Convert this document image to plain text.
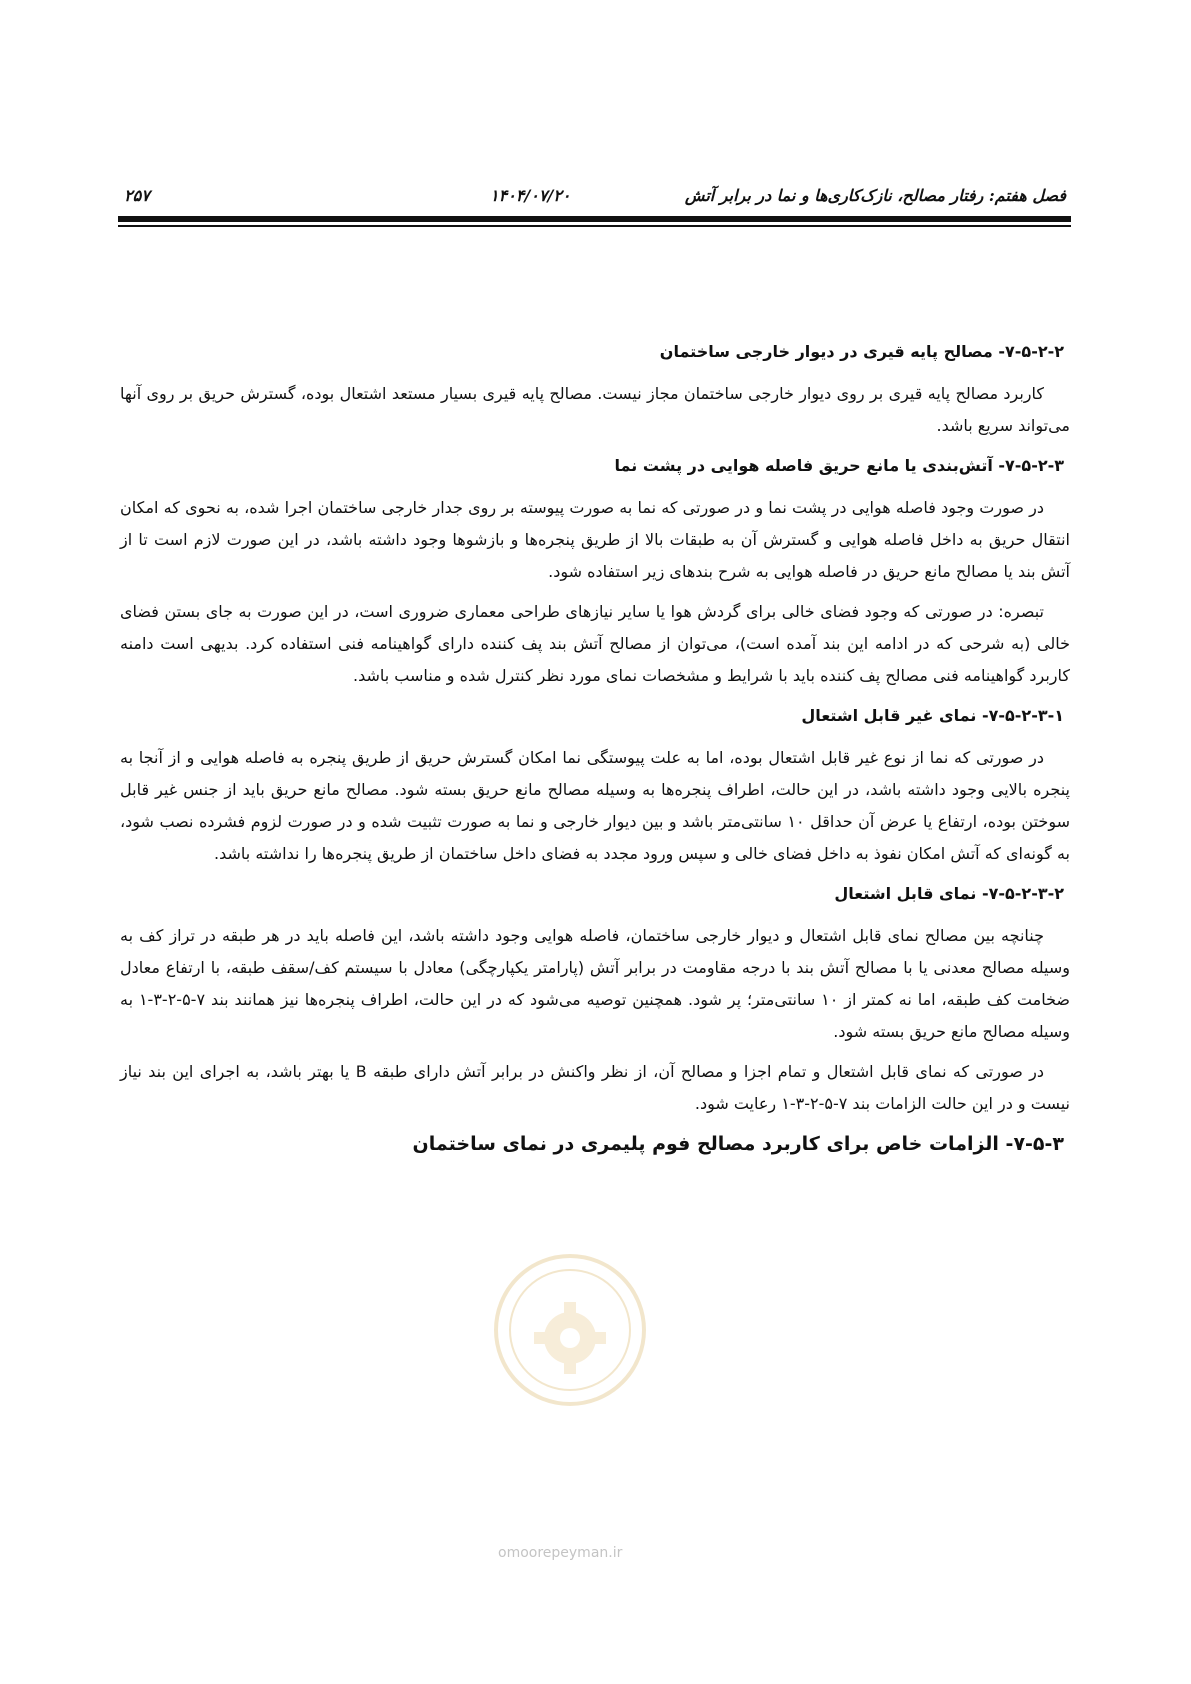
فصل هفتم: رفتار مصالح، نازک‌کاری‌ها و نما در برابر آتش
۱۴۰۴/۰۷/۲۰
۲۵۷
۷-۵-۲-۲- مصالح پایه قیری در دیوار خارجی ساختمان

کاربرد مصالح پایه قیری بر روی دیوار خارجی ساختمان مجاز نیست. مصالح پایه قیری بسیار مستعد اشتعال بوده، گسترش حریق بر روی آنها می‌تواند سریع باشد.

۷-۵-۲-۳- آتش‌بندی یا مانع حریق فاصله هوایی در پشت نما

در صورت وجود فاصله هوایی در پشت نما و در صورتی که نما به صورت پیوسته بر روی جدار خارجی ساختمان اجرا شده، به نحوی که امکان انتقال حریق به داخل فاصله هوایی و گسترش آن به طبقات بالا از طریق پنجره‌ها و بازشوها وجود داشته باشد، در این صورت لازم است تا از آتش بند یا مصالح مانع حریق در فاصله هوایی به شرح بندهای زیر استفاده شود.

تبصره: در صورتی که وجود فضای خالی برای گردش هوا یا سایر نیازهای طراحی معماری ضروری است، در این صورت به جای بستن فضای خالی (به شرحی که در ادامه این بند آمده است)، می‌توان از مصالح آتش بند پف کننده دارای گواهینامه فنی استفاده کرد. بدیهی است دامنه کاربرد گواهینامه فنی مصالح پف کننده باید با شرایط و مشخصات نمای مورد نظر کنترل شده و مناسب باشد.

۷-۵-۲-۳-۱- نمای غیر قابل اشتعال

در صورتی که نما از نوع غیر قابل اشتعال بوده، اما به علت پیوستگی نما امکان گسترش حریق از طریق پنجره به فاصله هوایی و از آنجا به پنجره بالایی وجود داشته باشد، در این حالت، اطراف پنجره‌ها به وسیله مصالح مانع حریق بسته شود. مصالح مانع حریق باید از جنس غیر قابل سوختن بوده، ارتفاع یا عرض آن حداقل ۱۰ سانتی‌متر باشد و بین دیوار خارجی و نما به صورت تثبیت شده و در صورت لزوم فشرده نصب شود، به گونه‌ای که آتش امکان نفوذ به داخل فضای خالی و سپس ورود مجدد به فضای داخل ساختمان از طریق پنجره‌ها را نداشته باشد.

۷-۵-۲-۳-۲- نمای قابل اشتعال

چنانچه بین مصالح نمای قابل اشتعال و دیوار خارجی ساختمان، فاصله هوایی وجود داشته باشد، این فاصله باید در هر طبقه در تراز کف به وسیله مصالح معدنی یا با مصالح آتش بند با درجه مقاومت در برابر آتش (پارامتر یکپارچگی) معادل با سیستم کف/سقف طبقه، با ارتفاع معادل ضخامت کف طبقه، اما نه کمتر از ۱۰ سانتی‌متر؛ پر شود. همچنین توصیه می‌شود که در این حالت، اطراف پنجره‌ها نیز همانند بند ۷-۵-۲-۳-۱ به وسیله مصالح مانع حریق بسته شود.

در صورتی که نمای قابل اشتعال و تمام اجزا و مصالح آن، از نظر واکنش در برابر آتش دارای طبقه B یا بهتر باشد، به اجرای این بند نیاز نیست و در این حالت الزامات بند ۷-۵-۲-۳-۱ رعایت شود.

۷-۵-۳- الزامات خاص برای کاربرد مصالح فوم پلیمری در نمای ساختمان
omoorepeyman.ir
